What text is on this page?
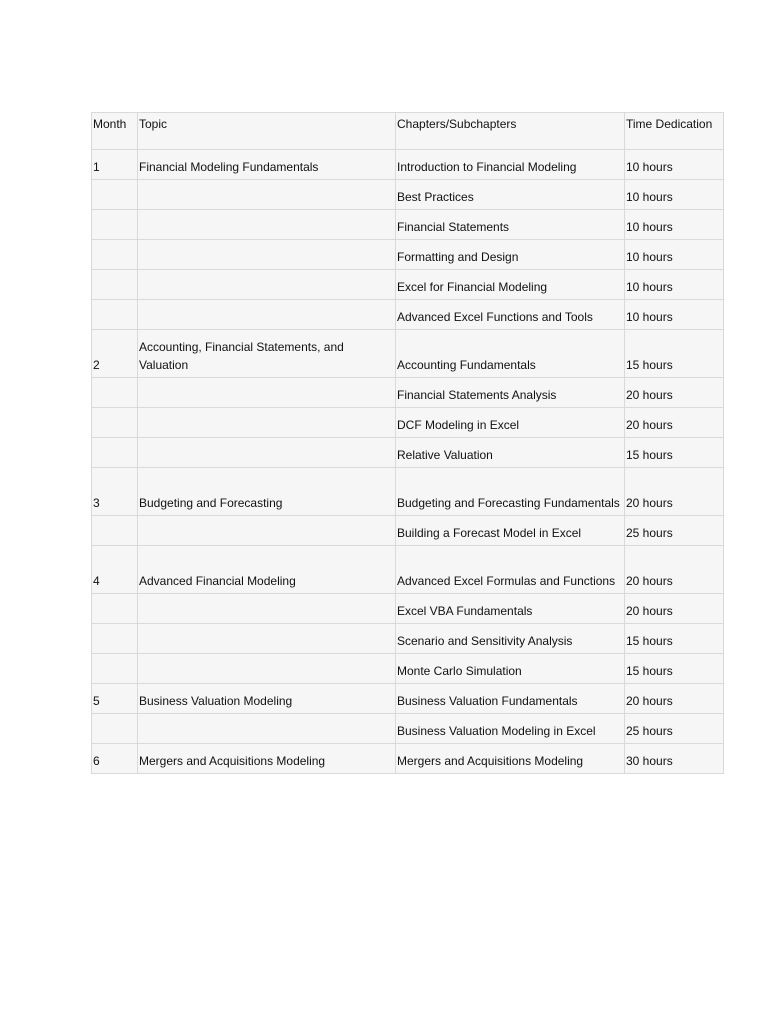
Month	Topic	Chapters/Subchapters	Time Dedication
1	Financial Modeling Fundamentals	Introduction to Financial Modeling	10 hours
		Best Practices	10 hours
		Financial Statements	10 hours
		Formatting and Design	10 hours
		Excel for Financial Modeling	10 hours
		Advanced Excel Functions and Tools	10 hours
2	Accounting, Financial Statements, and Valuation	Accounting Fundamentals	15 hours
		Financial Statements Analysis	20 hours
		DCF Modeling in Excel	20 hours
		Relative Valuation	15 hours
3	Budgeting and Forecasting	Budgeting and Forecasting Fundamentals	20 hours
		Building a Forecast Model in Excel	25 hours
4	Advanced Financial Modeling	Advanced Excel Formulas and Functions	20 hours
		Excel VBA Fundamentals	20 hours
		Scenario and Sensitivity Analysis	15 hours
		Monte Carlo Simulation	15 hours
5	Business Valuation Modeling	Business Valuation Fundamentals	20 hours
		Business Valuation Modeling in Excel	25 hours
6	Mergers and Acquisitions Modeling	Mergers and Acquisitions Modeling	30 hours
